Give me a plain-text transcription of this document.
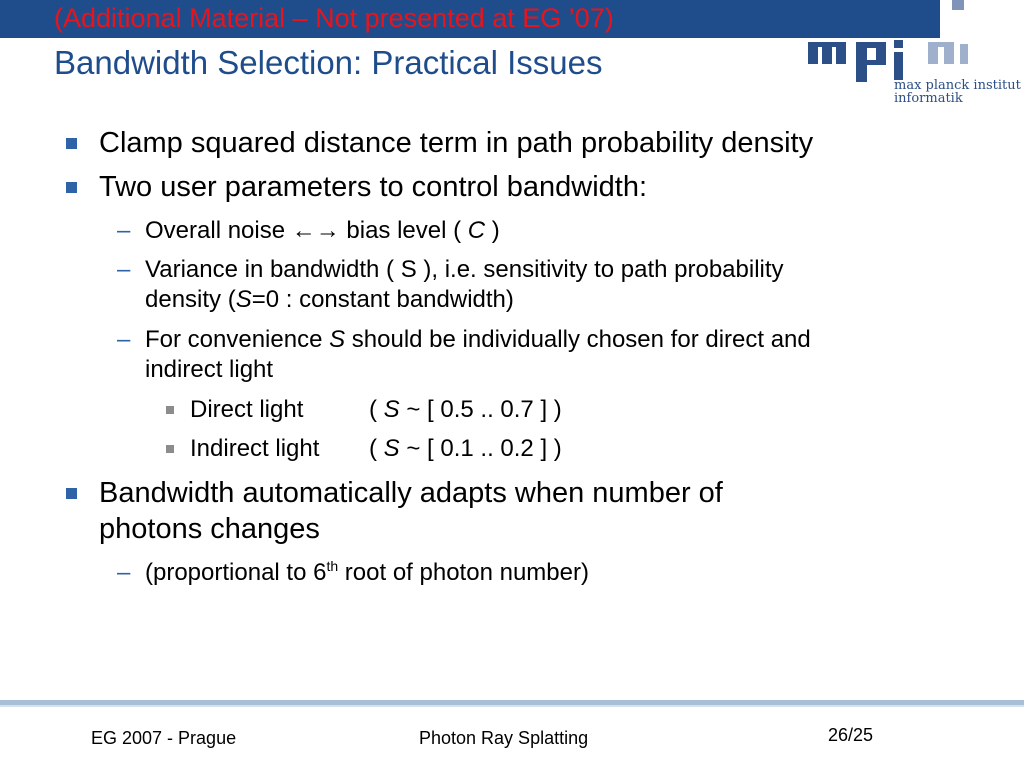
(Additional Material – Not presented at EG ’07)
Bandwidth Selection: Practical Issues
max planck institut
informatik
Clamp squared distance term in path probability density
Two user parameters to control bandwidth:
– Overall noise ←→ bias level ( C )
– Variance in bandwidth ( S ), i.e. sensitivity to path probability
density (S=0 : constant bandwidth)
– For convenience S should be individually chosen for direct and
indirect light
Direct light	( S ~ [ 0.5 .. 0.7 ] )
Indirect light ( S ~ [ 0.1 .. 0.2 ] )
Bandwidth automatically adapts when number of
photons changes
– (proportional to 6th root of photon number)
EG 2007 - Prague	Photon Ray Splatting	26/25
